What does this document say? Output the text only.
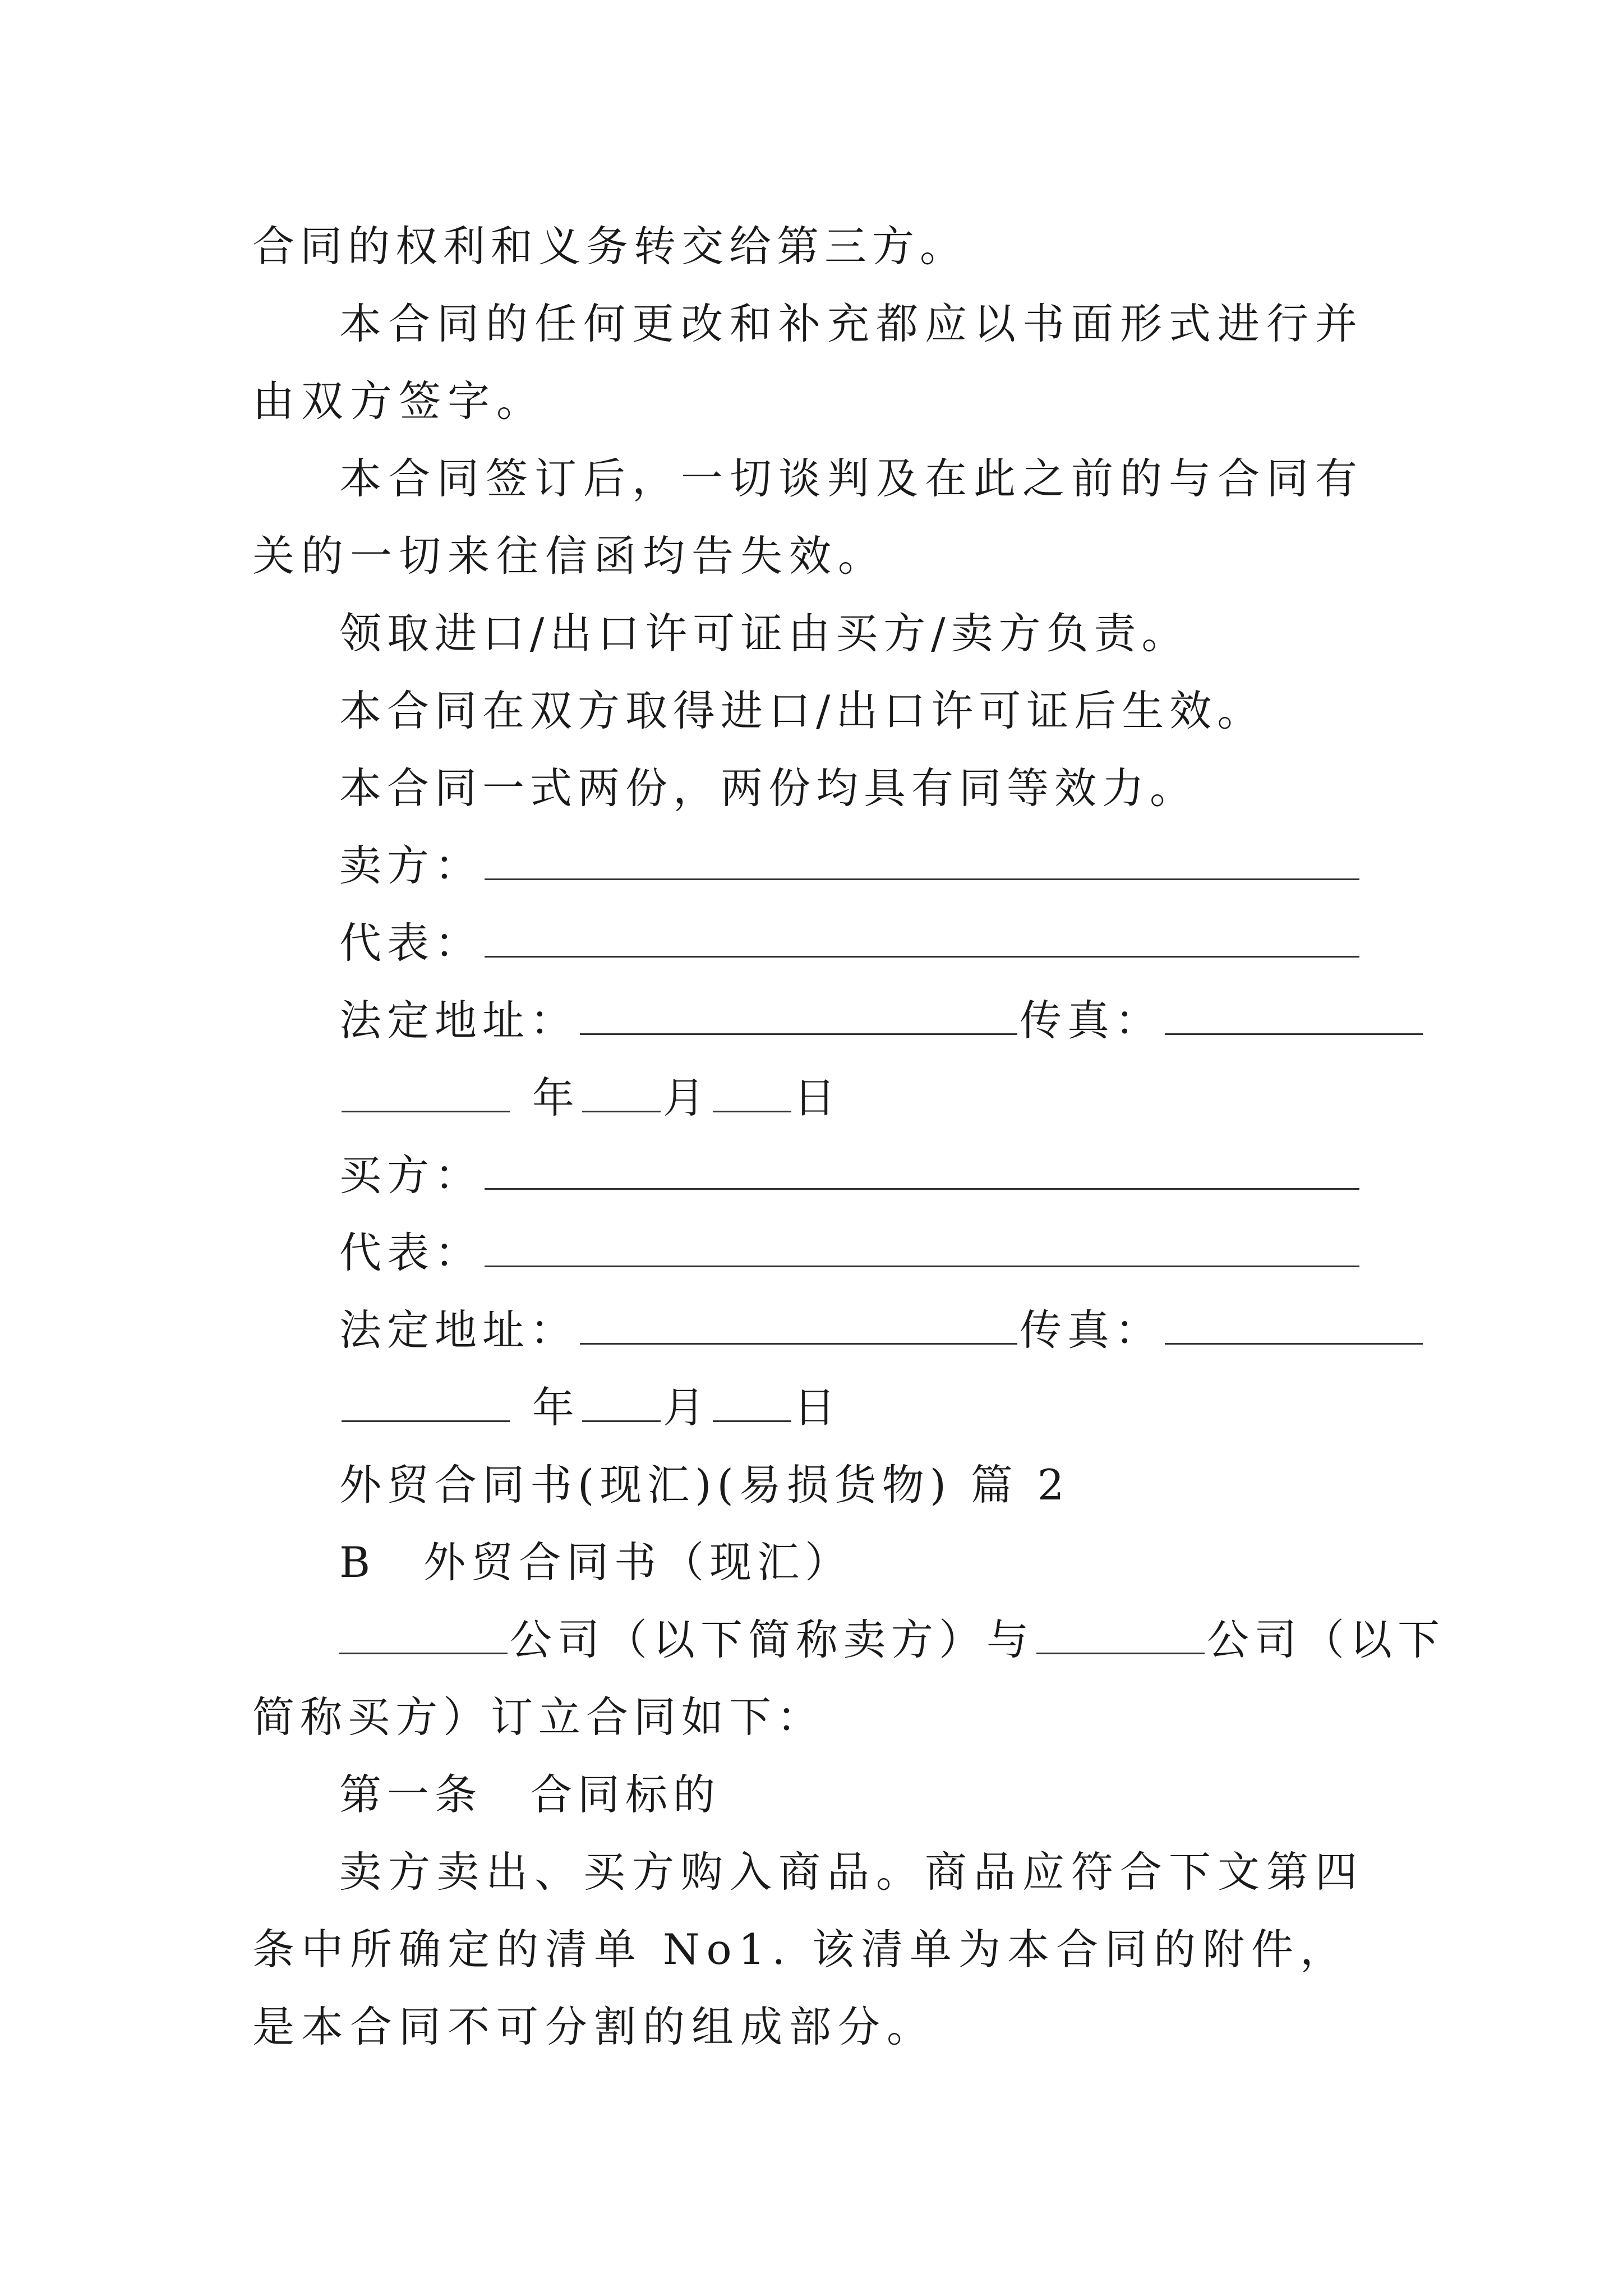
合同的权利和义务转交给第三方。
本合同的任何更改和补充都应以书面形式进行并由双方签字。
本合同签订后，一切谈判及在此之前的与合同有关的一切来往信函均告失效。
领取进口/出口许可证由买方/卖方负责。
本合同在双方取得进口/出口许可证后生效。
本合同一式两份，两份均具有同等效力。
卖方：
代表：
法定地址：	传真：
年 月 日
买方：
代表：
法定地址：	传真：
年 月 日
外贸合同书(现汇)(易损货物) 篇 2
B　外贸合同书（现汇）
公司（以下简称卖方）与	公司（以下
简称买方）订立合同如下：
第一条　合同标的
卖方卖出、买方购入商品。商品应符合下文第四条中所确定的清单 No1. 该清单为本合同的附件，是本合同不可分割的组成部分。
